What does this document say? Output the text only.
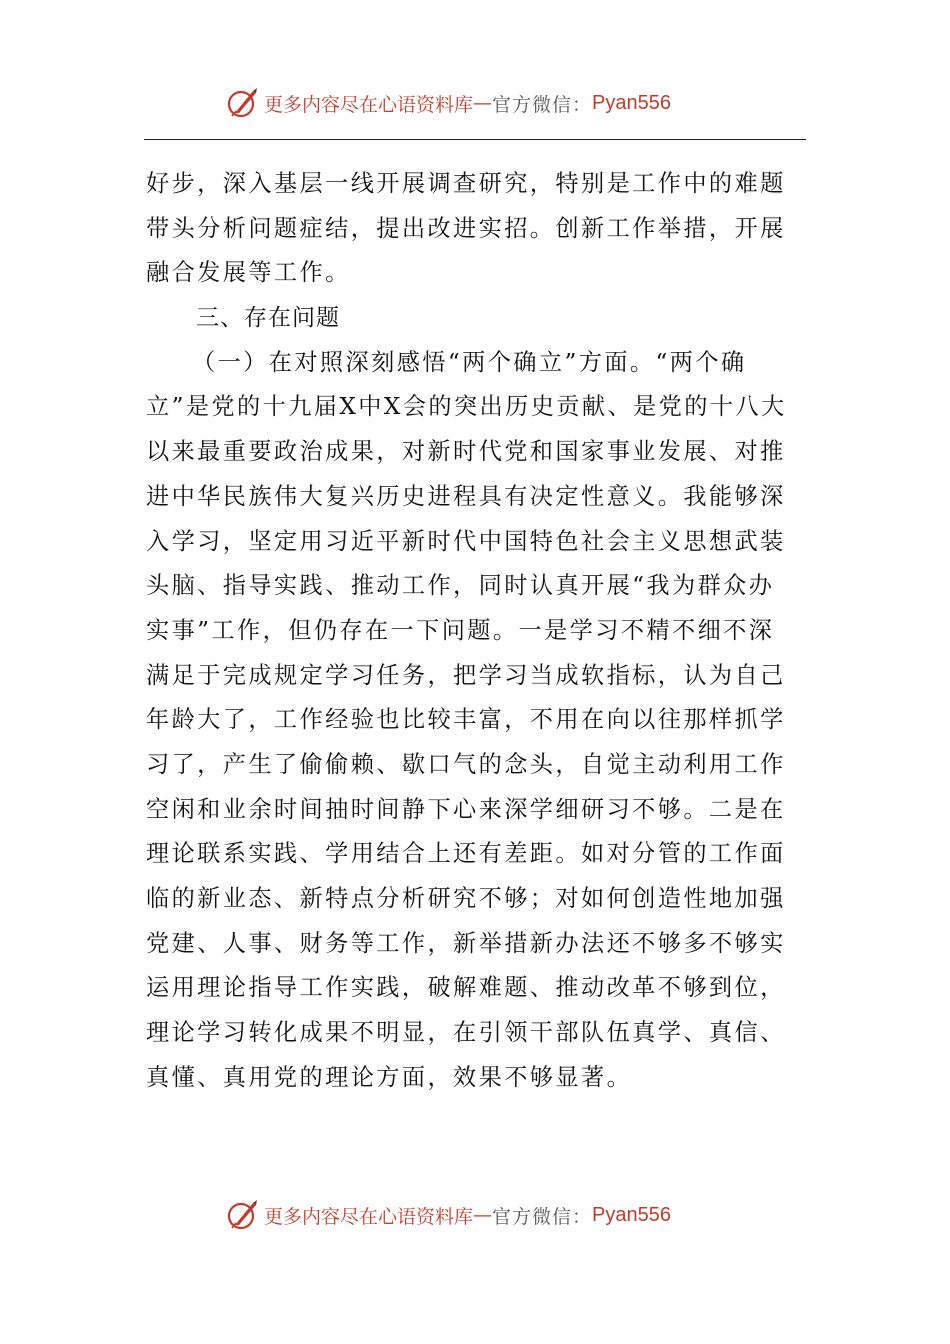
更多内容尽在心语资料库 — 官方微信： Pyan556
好步，深入基层一线开展调查研究，特别是工作中的难题
带头分析问题症结，提出改进实招。创新工作举措，开展
融合发展等工作。
三、存在问题
（一）在对照深刻感悟“两个确立”方面。“两个确
立”是党的十九届X中X会的突出历史贡献、是党的十八大
以来最重要政治成果，对新时代党和国家事业发展、对推
进中华民族伟大复兴历史进程具有决定性意义。我能够深
入学习，坚定用习近平新时代中国特色社会主义思想武装
头脑、指导实践、推动工作，同时认真开展“我为群众办
实事”工作，但仍存在一下问题。一是学习不精不细不深
满足于完成规定学习任务，把学习当成软指标，认为自己
年龄大了，工作经验也比较丰富，不用在向以往那样抓学
习了，产生了偷偷赖、歇口气的念头，自觉主动利用工作
空闲和业余时间抽时间静下心来深学细研习不够。二是在
理论联系实践、学用结合上还有差距。如对分管的工作面
临的新业态、新特点分析研究不够；对如何创造性地加强
党建、人事、财务等工作，新举措新办法还不够多不够实
运用理论指导工作实践，破解难题、推动改革不够到位，
理论学习转化成果不明显，在引领干部队伍真学、真信、
真懂、真用党的理论方面，效果不够显著。
更多内容尽在心语资料库 — 官方微信： Pyan556
